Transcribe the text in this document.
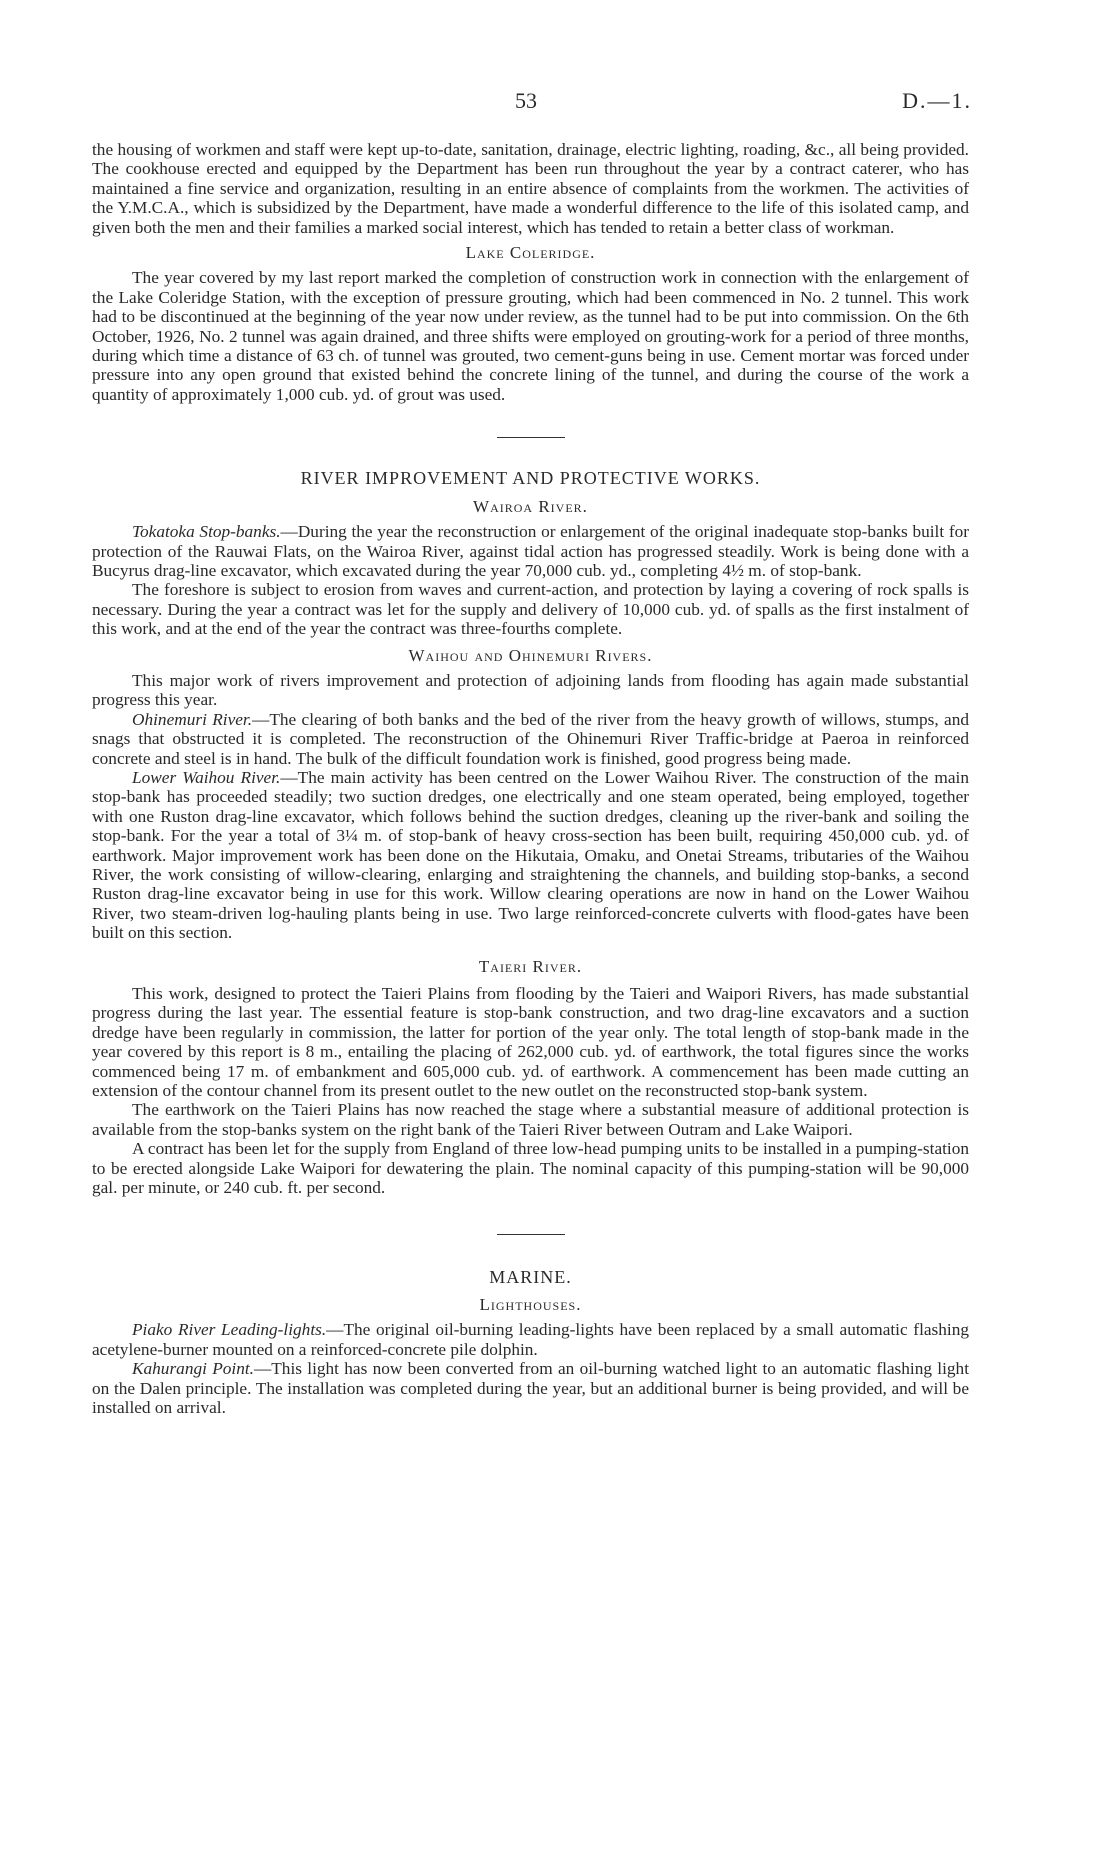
53	D.—1.

the housing of workmen and staff were kept up-to-date, sanitation, drainage, electric lighting, roading, &c., all being provided. The cookhouse erected and equipped by the Department has been run throughout the year by a contract caterer, who has maintained a fine service and organization, resulting in an entire absence of complaints from the workmen. The activities of the Y.M.C.A., which is subsidized by the Department, have made a wonderful difference to the life of this isolated camp, and given both the men and their families a marked social interest, which has tended to retain a better class of workman.

Lake Coleridge.

The year covered by my last report marked the completion of construction work in connection with the enlargement of the Lake Coleridge Station, with the exception of pressure grouting, which had been commenced in No. 2 tunnel. This work had to be discontinued at the beginning of the year now under review, as the tunnel had to be put into commission. On the 6th October, 1926, No. 2 tunnel was again drained, and three shifts were employed on grouting-work for a period of three months, during which time a distance of 63 ch. of tunnel was grouted, two cement-guns being in use. Cement mortar was forced under pressure into any open ground that existed behind the concrete lining of the tunnel, and during the course of the work a quantity of approximately 1,000 cub. yd. of grout was used.

RIVER IMPROVEMENT AND PROTECTIVE WORKS.
Wairoa River.

Tokatoka Stop-banks.—During the year the reconstruction or enlargement of the original inadequate stop-banks built for protection of the Rauwai Flats, on the Wairoa River, against tidal action has progressed steadily. Work is being done with a Bucyrus drag-line excavator, which excavated during the year 70,000 cub. yd., completing 4½ m. of stop-bank.

The foreshore is subject to erosion from waves and current-action, and protection by laying a covering of rock spalls is necessary. During the year a contract was let for the supply and delivery of 10,000 cub. yd. of spalls as the first instalment of this work, and at the end of the year the contract was three-fourths complete.

Waihou and Ohinemuri Rivers.

This major work of rivers improvement and protection of adjoining lands from flooding has again made substantial progress this year.

Ohinemuri River.—The clearing of both banks and the bed of the river from the heavy growth of willows, stumps, and snags that obstructed it is completed. The reconstruction of the Ohinemuri River Traffic-bridge at Paeroa in reinforced concrete and steel is in hand. The bulk of the difficult foundation work is finished, good progress being made.

Lower Waihou River.—The main activity has been centred on the Lower Waihou River. The construction of the main stop-bank has proceeded steadily; two suction dredges, one electrically and one steam operated, being employed, together with one Ruston drag-line excavator, which follows behind the suction dredges, cleaning up the river-bank and soiling the stop-bank. For the year a total of 3¼ m. of stop-bank of heavy cross-section has been built, requiring 450,000 cub. yd. of earthwork. Major improvement work has been done on the Hikutaia, Omaku, and Onetai Streams, tributaries of the Waihou River, the work consisting of willow-clearing, enlarging and straightening the channels, and building stop-banks, a second Ruston drag-line excavator being in use for this work. Willow clearing operations are now in hand on the Lower Waihou River, two steam-driven log-hauling plants being in use. Two large reinforced-concrete culverts with flood-gates have been built on this section.

Taieri River.

This work, designed to protect the Taieri Plains from flooding by the Taieri and Waipori Rivers, has made substantial progress during the last year. The essential feature is stop-bank construction, and two drag-line excavators and a suction dredge have been regularly in commission, the latter for portion of the year only. The total length of stop-bank made in the year covered by this report is 8 m., entailing the placing of 262,000 cub. yd. of earthwork, the total figures since the works commenced being 17 m. of embankment and 605,000 cub. yd. of earthwork. A commencement has been made cutting an extension of the contour channel from its present outlet to the new outlet on the reconstructed stop-bank system.

The earthwork on the Taieri Plains has now reached the stage where a substantial measure of additional protection is available from the stop-banks system on the right bank of the Taieri River between Outram and Lake Waipori.

A contract has been let for the supply from England of three low-head pumping units to be installed in a pumping-station to be erected alongside Lake Waipori for dewatering the plain. The nominal capacity of this pumping-station will be 90,000 gal. per minute, or 240 cub. ft. per second.

MARINE.
Lighthouses.

Piako River Leading-lights.—The original oil-burning leading-lights have been replaced by a small automatic flashing acetylene-burner mounted on a reinforced-concrete pile dolphin.

Kahurangi Point.—This light has now been converted from an oil-burning watched light to an automatic flashing light on the Dalen principle. The installation was completed during the year, but an additional burner is being provided, and will be installed on arrival.
